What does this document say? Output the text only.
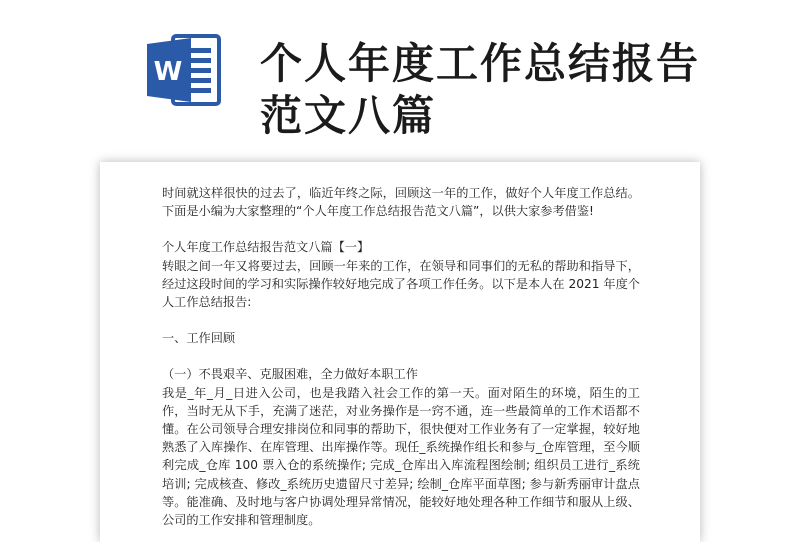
W 个人年度工作总结报告范文八篇

时间就这样很快的过去了，临近年终之际，回顾这一年的工作，做好个人年度工作总结。下面是小编为大家整理的“个人年度工作总结报告范文八篇”，以供大家参考借鉴!

个人年度工作总结报告范文八篇【一】

转眼之间一年又将要过去，回顾一年来的工作，在领导和同事们的无私的帮助和指导下，经过这段时间的学习和实际操作较好地完成了各项工作任务。以下是本人在 2021 年度个人工作总结报告:

一、工作回顾

（一）不畏艰辛、克服困难，全力做好本职工作

我是_年_月_日进入公司，也是我踏入社会工作的第一天。面对陌生的环境，陌生的工作，当时无从下手，充满了迷茫，对业务操作是一窍不通，连一些最简单的工作术语都不懂。在公司领导合理安排岗位和同事的帮助下，很快便对工作业务有了一定掌握，较好地熟悉了入库操作、在库管理、出库操作等。现任_系统操作组长和参与_仓库管理，至今顺利完成_仓库 100 票入仓的系统操作; 完成_仓库出入库流程图绘制; 组织员工进行_系统培训; 完成核查、修改_系统历史遗留尺寸差异; 绘制_仓库平面草图; 参与新秀丽审计盘点等。能准确、及时地与客户协调处理异常情况，能较好地处理各种工作细节和服从上级、公司的工作安排和管理制度。
